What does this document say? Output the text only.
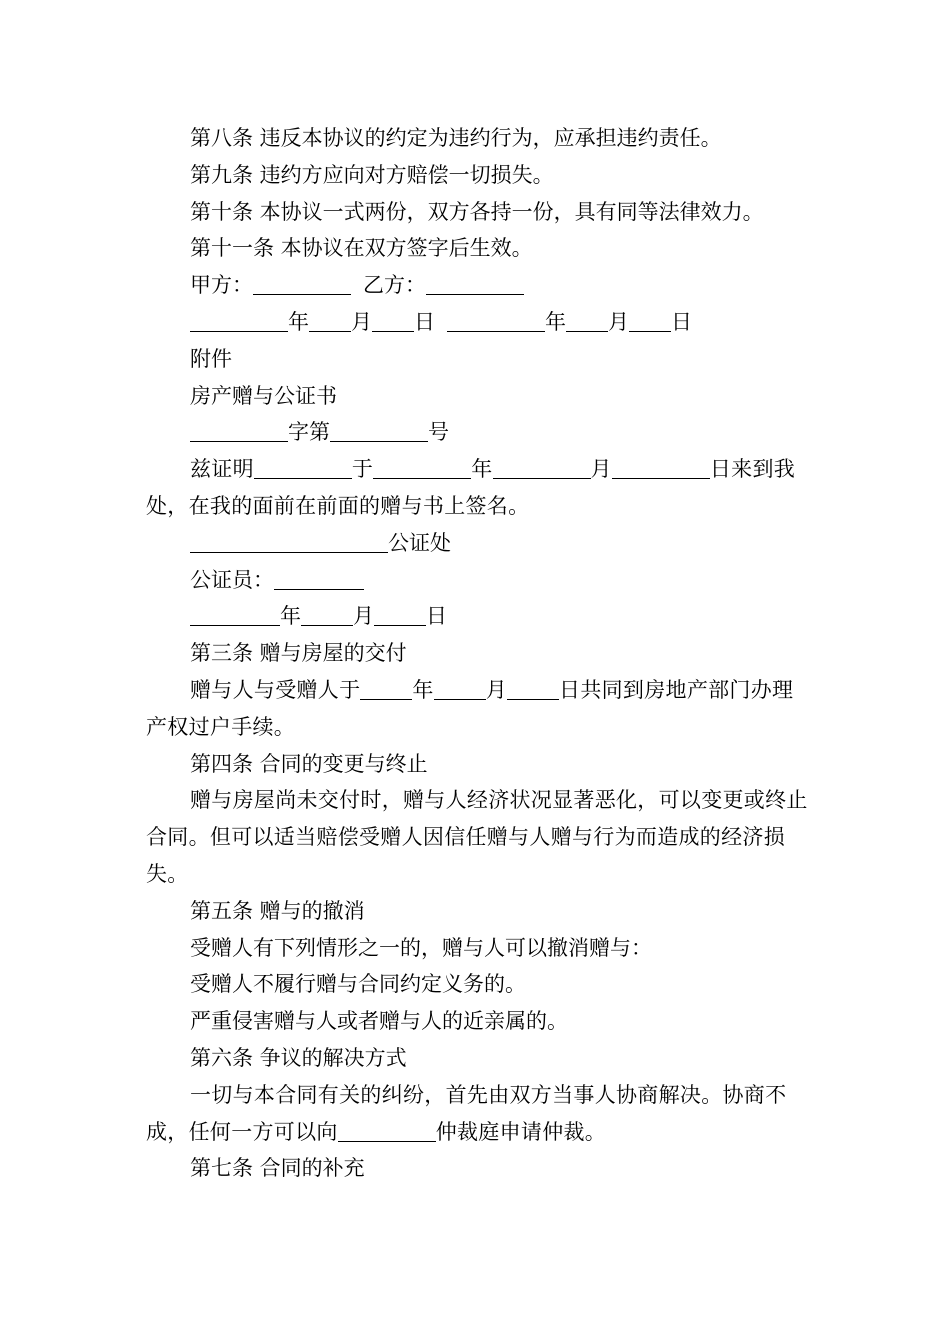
第八条 违反本协议的约定为违约行为，应承担违约责任。

第九条 违约方应向对方赔偿一切损失。

第十条 本协议一式两份，双方各持一份，具有同等法律效力。

第十一条 本协议在双方签字后生效。

甲方：	乙方：

年 月 日	年 月 日

附件

房产赠与公证书

字第	号

兹证明	于	年	月	日来到我处，在我的面前在前面的赠与书上签名。

公证处

公证员：

年 月 日

第三条 赠与房屋的交付

赠与人与受赠人于 年 月 日共同到房地产部门办理产权过户手续。

第四条 合同的变更与终止

赠与房屋尚未交付时，赠与人经济状况显著恶化，可以变更或终止合同。但可以适当赔偿受赠人因信任赠与人赠与行为而造成的经济损失。

第五条 赠与的撤消

受赠人有下列情形之一的，赠与人可以撤消赠与：

受赠人不履行赠与合同约定义务的。

严重侵害赠与人或者赠与人的近亲属的。

第六条 争议的解决方式

一切与本合同有关的纠纷，首先由双方当事人协商解决。协商不成，任何一方可以向	仲裁庭申请仲裁。

第七条 合同的补充
